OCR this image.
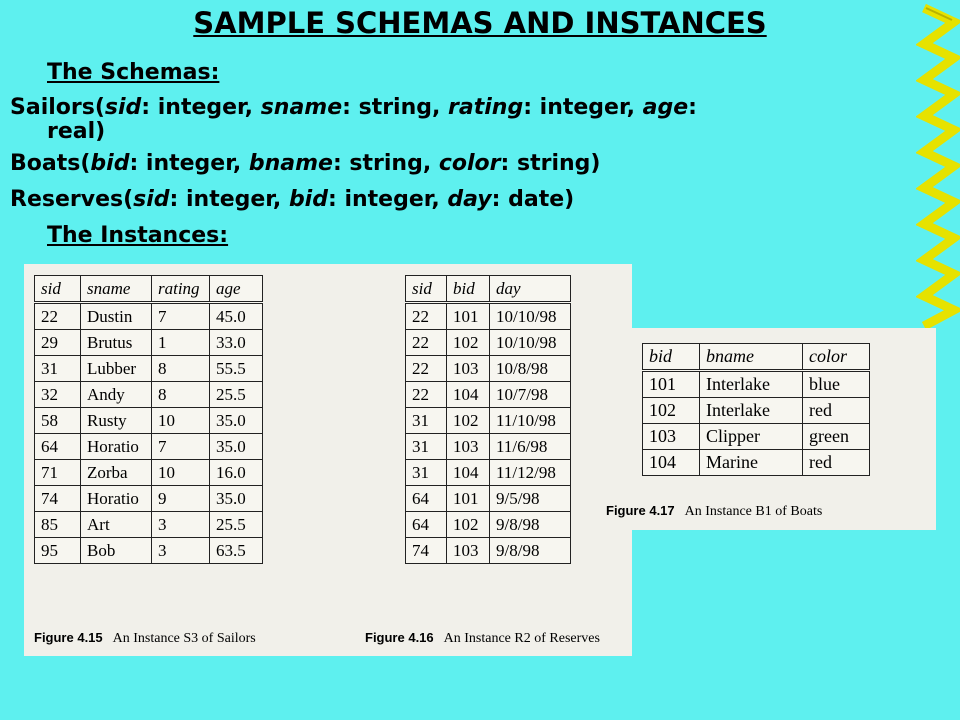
SAMPLE SCHEMAS AND INSTANCES
The Schemas:
Sailors(sid: integer, sname: string, rating: integer, age:
real)
Boats(bid: integer, bname: string, color: string)
Reserves(sid: integer, bid: integer, day: date)
The Instances:

sid	sname	rating	age
22	Dustin	7	45.0
29	Brutus	1	33.0
31	Lubber	8	55.5
32	Andy	8	25.5
58	Rusty	10	35.0
64	Horatio	7	35.0
71	Zorba	10	16.0
74	Horatio	9	35.0
85	Art	3	25.5
95	Bob	3	63.5
sid	bid	day
22	101	10/10/98
22	102	10/10/98
22	103	10/8/98
22	104	10/7/98
31	102	11/10/98
31	103	11/6/98
31	104	11/12/98
64	101	9/5/98
64	102	9/8/98
74	103	9/8/98
Figure 4.15 An Instance S3 of Sailors	Figure 4.16 An Instance R2 of Reserves
bid	bname	color
101	Interlake	blue
102	Interlake	red
103	Clipper	green
104	Marine	red
Figure 4.17 An Instance B1 of Boats
